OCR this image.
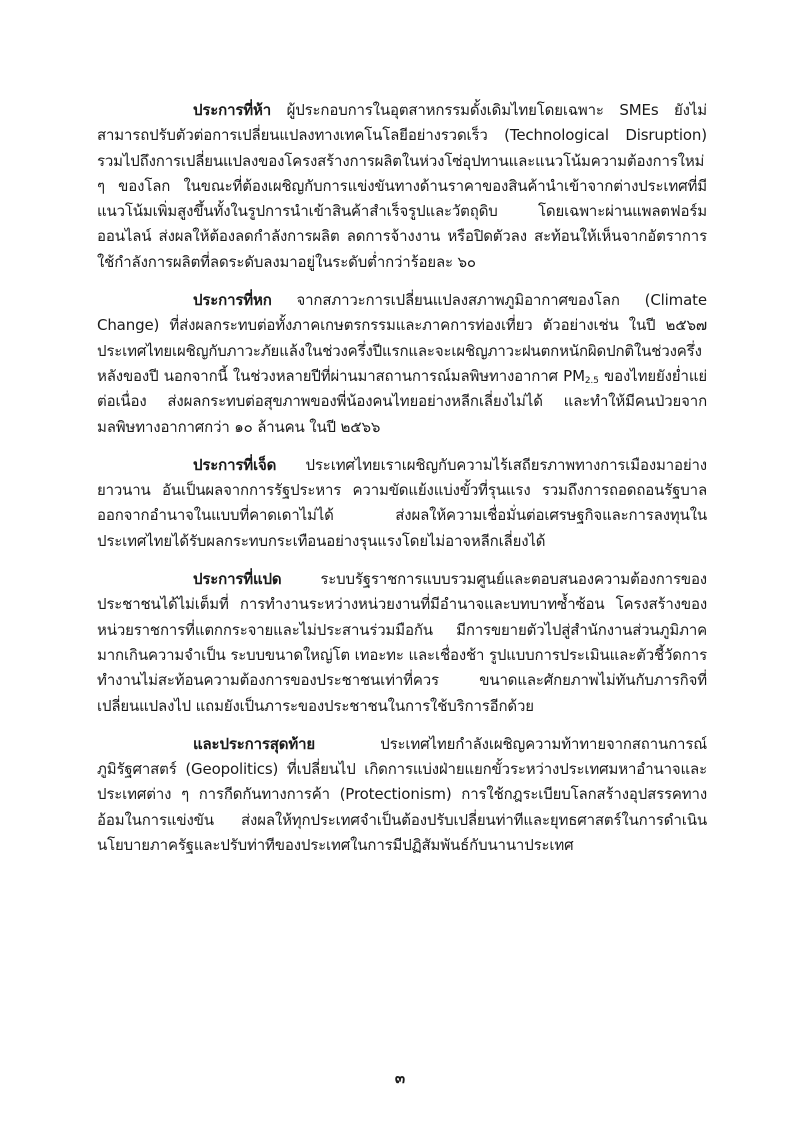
ประการที่ห้า ผู้ประกอบการในอุตสาหกรรมดั้งเดิมไทยโดยเฉพาะ SMEs ยังไม่สามารถปรับตัวต่อการเปลี่ยนแปลงทางเทคโนโลยีอย่างรวดเร็ว (Technological Disruption) รวมไปถึงการเปลี่ยนแปลงของโครงสร้างการผลิตในห่วงโซ่อุปทานและแนวโน้มความต้องการใหม่ ๆ ของโลก ในขณะที่ต้องเผชิญกับการแข่งขันทางด้านราคาของสินค้านำเข้าจากต่างประเทศที่มีแนวโน้มเพิ่มสูงขึ้นทั้งในรูปการนำเข้าสินค้าสำเร็จรูปและวัตถุดิบ โดยเฉพาะผ่านแพลตฟอร์มออนไลน์ ส่งผลให้ต้องลดกำลังการผลิต ลดการจ้างงาน หรือปิดตัวลง สะท้อนให้เห็นจากอัตราการใช้กำลังการผลิตที่ลดระดับลงมาอยู่ในระดับต่ำกว่าร้อยละ ๖๐

ประการที่หก จากสภาวะการเปลี่ยนแปลงสภาพภูมิอากาศของโลก (Climate Change) ที่ส่งผลกระทบต่อทั้งภาคเกษตรกรรมและภาคการท่องเที่ยว ตัวอย่างเช่น ในปี ๒๕๖๗ ประเทศไทยเผชิญกับภาวะภัยแล้งในช่วงครึ่งปีแรกและจะเผชิญภาวะฝนตกหนักผิดปกติในช่วงครึ่งหลังของปี นอกจากนี้ ในช่วงหลายปีที่ผ่านมาสถานการณ์มลพิษทางอากาศ $PM_{2.5}$ ของไทยยังย่ำแย่ต่อเนื่อง ส่งผลกระทบต่อสุขภาพของพี่น้องคนไทยอย่างหลีกเลี่ยงไม่ได้ และทำให้มีคนป่วยจากมลพิษทางอากาศกว่า ๑๐ ล้านคน ในปี ๒๕๖๖

ประการที่เจ็ด ประเทศไทยเราเผชิญกับความไร้เสถียรภาพทางการเมืองมาอย่างยาวนาน อันเป็นผลจากการรัฐประหาร ความขัดแย้งแบ่งขั้วที่รุนแรง รวมถึงการถอดถอนรัฐบาลออกจากอำนาจในแบบที่คาดเดาไม่ได้ ส่งผลให้ความเชื่อมั่นต่อเศรษฐกิจและการลงทุนในประเทศไทยได้รับผลกระทบกระเทือนอย่างรุนแรงโดยไม่อาจหลีกเลี่ยงได้

ประการที่แปด	ระบบรัฐราชการแบบรวมศูนย์และตอบสนองความต้องการของประชาชนได้ไม่เต็มที่ การทำงานระหว่างหน่วยงานที่มีอำนาจและบทบาทซ้ำซ้อน โครงสร้างของหน่วยราชการที่แตกกระจายและไม่ประสานร่วมมือกัน มีการขยายตัวไปสู่สำนักงานส่วนภูมิภาคมากเกินความจำเป็น ระบบขนาดใหญ่โต เทอะทะ และเชื่องช้า รูปแบบการประเมินและตัวชี้วัดการทำงานไม่สะท้อนความต้องการของประชาชนเท่าที่ควร ขนาดและศักยภาพไม่ทันกับภารกิจที่เปลี่ยนแปลงไป แถมยังเป็นภาระของประชาชนในการใช้บริการอีกด้วย

และประการสุดท้าย	ประเทศไทยกำลังเผชิญความท้าทายจากสถานการณ์ภูมิรัฐศาสตร์ (Geopolitics) ที่เปลี่ยนไป เกิดการแบ่งฝ่ายแยกขั้วระหว่างประเทศมหาอำนาจและประเทศต่าง ๆ การกีดกันทางการค้า (Protectionism) การใช้กฎระเบียบโลกสร้างอุปสรรคทางอ้อมในการแข่งขัน ส่งผลให้ทุกประเทศจำเป็นต้องปรับเปลี่ยนท่าทีและยุทธศาสตร์ในการดำเนินนโยบายภาครัฐและปรับท่าทีของประเทศในการมีปฏิสัมพันธ์กับนานาประเทศ

๓
